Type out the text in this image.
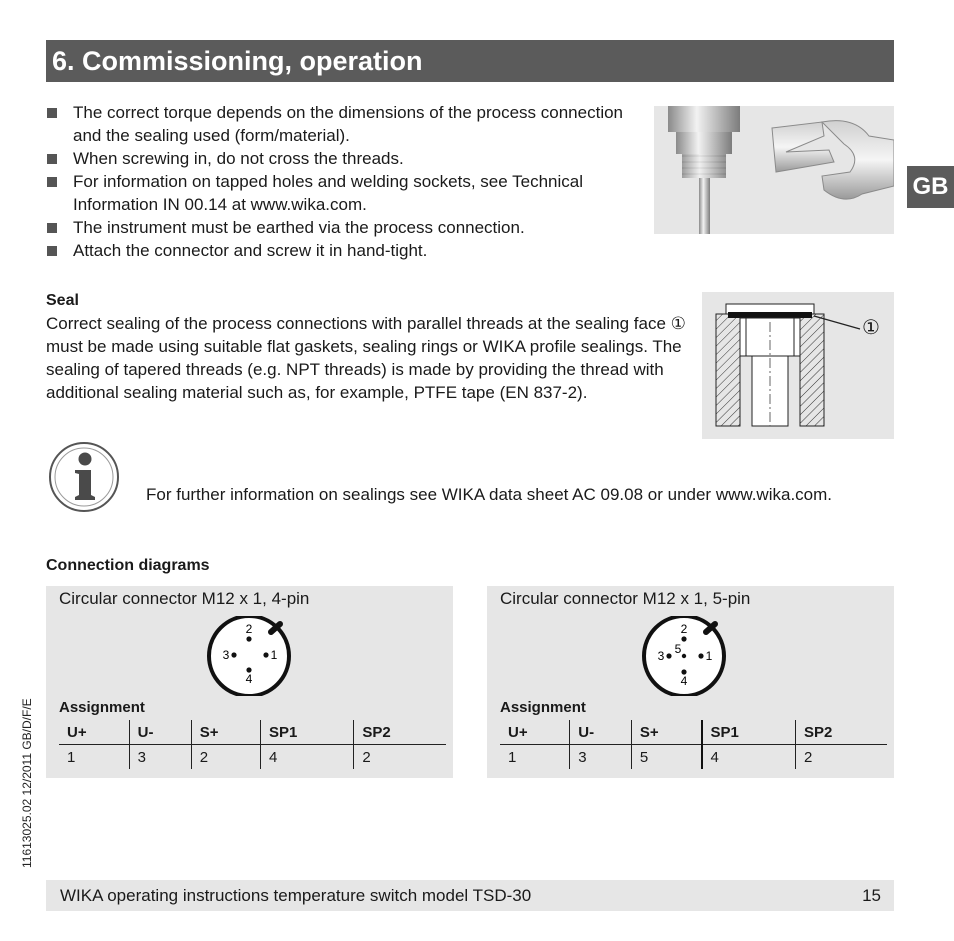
6. Commissioning, operation
The correct torque depends on the dimensions of the process connection and the sealing used (form/material).
When screwing in, do not cross the threads.
For information on tapped holes and welding sockets, see Technical Information IN 00.14 at www.wika.com.
The instrument must be earthed via the process connection.
Attach the connector and screw it in hand-tight.
GB
Seal
Correct sealing of the process connections with parallel threads at the sealing face ① must be made using suitable flat gaskets, sealing rings or WIKA profile sealings. The sealing of tapered threads (e.g. NPT threads) is made by providing the thread with additional sealing material such as, for example, PTFE tape (EN 837-2).
①
For further information on sealings see WIKA data sheet AC 09.08 or under www.wika.com.
Connection diagrams
Circular connector M12 x 1, 4-pin
2
3	1
4
Assignment
U+	U-	S+	SP1	SP2
1	3	2	4	2
Circular connector M12 x 1, 5-pin
2
3 5 1
4
Assignment
U+	U-	S+	SP1	SP2
1	3	5	4	2
11613025.02 12/2011 GB/D/F/E
WIKA operating instructions temperature switch model TSD-30	15
